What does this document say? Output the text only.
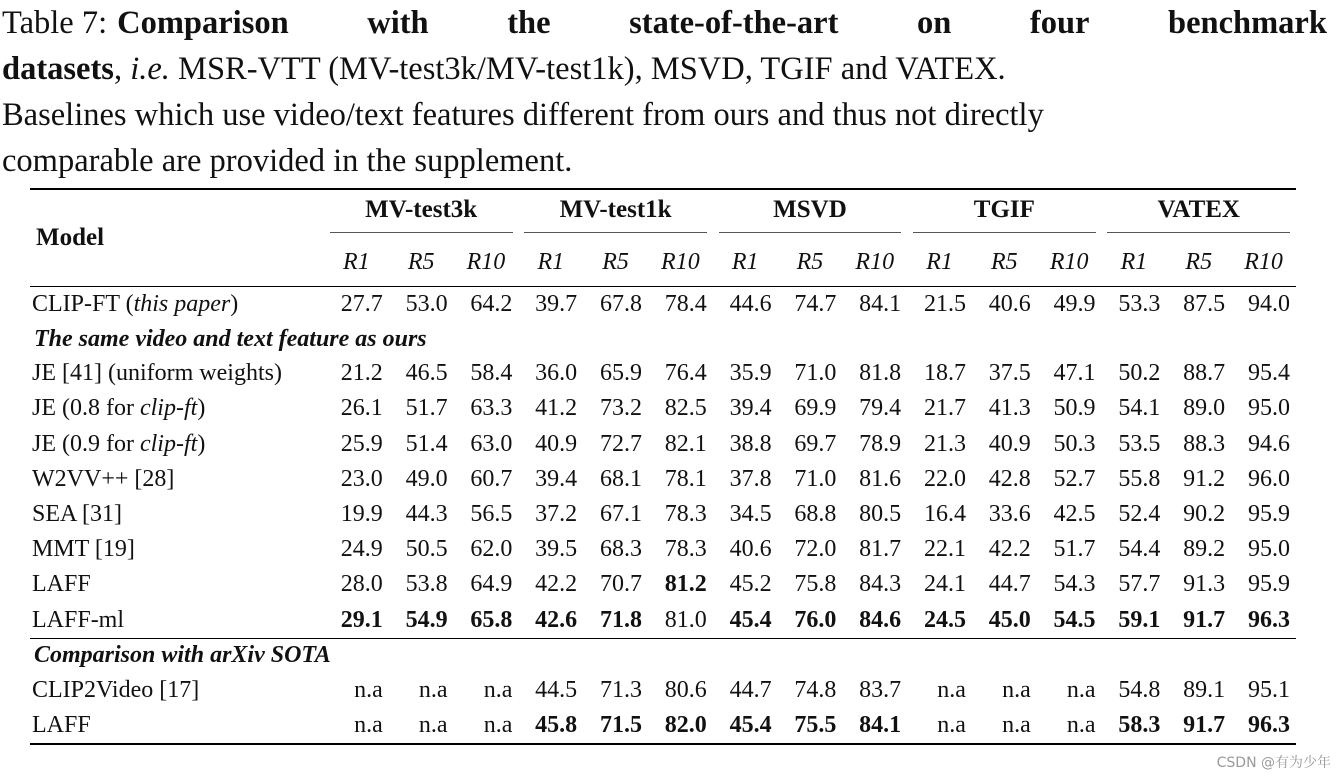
Table 7: Comparison with the state-of-the-art on four benchmark
datasets, i.e. MSR-VTT (MV-test3k/MV-test1k), MSVD, TGIF and VATEX.
Baselines which use video/text features different from ours and thus not directly
comparable are provided in the supplement.
Model	MV-test3k			MV-test1k			MSVD			TGIF			VATEX		
	R1	R5	R10	R1	R5	R10	R1	R5	R10	R1	R5	R10	R1	R5	R10
CLIP-FT (this paper)	27.7	53.0	64.2	39.7	67.8	78.4	44.6	74.7	84.1	21.5	40.6	49.9	53.3	87.5	94.0
The same video and text feature as ours															
JE [41] (uniform weights)	21.2	46.5	58.4	36.0	65.9	76.4	35.9	71.0	81.8	18.7	37.5	47.1	50.2	88.7	95.4
JE (0.8 for clip-ft)	26.1	51.7	63.3	41.2	73.2	82.5	39.4	69.9	79.4	21.7	41.3	50.9	54.1	89.0	95.0
JE (0.9 for clip-ft)	25.9	51.4	63.0	40.9	72.7	82.1	38.8	69.7	78.9	21.3	40.9	50.3	53.5	88.3	94.6
W2VV++ [28]	23.0	49.0	60.7	39.4	68.1	78.1	37.8	71.0	81.6	22.0	42.8	52.7	55.8	91.2	96.0
SEA [31]	19.9	44.3	56.5	37.2	67.1	78.3	34.5	68.8	80.5	16.4	33.6	42.5	52.4	90.2	95.9
MMT [19]	24.9	50.5	62.0	39.5	68.3	78.3	40.6	72.0	81.7	22.1	42.2	51.7	54.4	89.2	95.0
LAFF	28.0	53.8	64.9	42.2	70.7	81.2	45.2	75.8	84.3	24.1	44.7	54.3	57.7	91.3	95.9
LAFF-ml	29.1	54.9	65.8	42.6	71.8	81.0	45.4	76.0	84.6	24.5	45.0	54.5	59.1	91.7	96.3
Comparison with arXiv SOTA															
CLIP2Video [17]	n.a	n.a	n.a	44.5	71.3	80.6	44.7	74.8	83.7	n.a	n.a	n.a	54.8	89.1	95.1
LAFF	n.a	n.a	n.a	45.8	71.5	82.0	45.4	75.5	84.1	n.a	n.a	n.a	58.3	91.7	96.3
CSDN @有为少年
